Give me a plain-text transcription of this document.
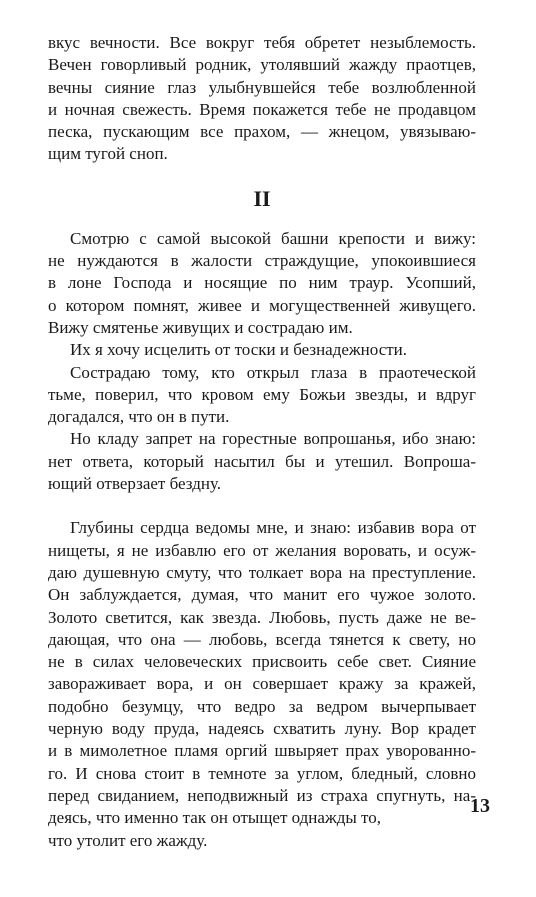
вкус вечности. Все вокруг тебя обретет незыблемость.
Вечен говорливый родник, утолявший жажду праотцев,
вечны сияние глаз улыбнувшейся тебе возлюбленной
и ночная свежесть. Время покажется тебе не продавцом
песка, пускающим все прахом, — жнецом, увязываю-
щим тугой сноп.
II
Смотрю с самой высокой башни крепости и вижу:
не нуждаются в жалости страждущие, упокоившиеся
в лоне Господа и носящие по ним траур. Усопший,
о котором помнят, живее и могущественней живущего.
Вижу смятенье живущих и сострадаю им.
Их я хочу исцелить от тоски и безнадежности.
Сострадаю тому, кто открыл глаза в праотеческой
тьме, поверил, что кровом ему Божьи звезды, и вдруг
догадался, что он в пути.
Но кладу запрет на горестные вопрошанья, ибо знаю:
нет ответа, который насытил бы и утешил. Вопроша-
ющий отверзает бездну.
Глубины сердца ведомы мне, и знаю: избавив вора от
нищеты, я не избавлю его от желания воровать, и осуж-
даю душевную смуту, что толкает вора на преступление.
Он заблуждается, думая, что манит его чужое золото.
Золото светится, как звезда. Любовь, пусть даже не ве-
дающая, что она — любовь, всегда тянется к свету, но
не в силах человеческих присвоить себе свет. Сияние
завораживает вора, и он совершает кражу за кражей,
подобно безумцу, что ведро за ведром вычерпывает
черную воду пруда, надеясь схватить луну. Вор крадет
и в мимолетное пламя оргий швыряет прах уворованно-
го. И снова стоит в темноте за углом, бледный, словно
перед свиданием, неподвижный из страха спугнуть, на-
деясь, что именно так он отыщет однажды то,
что утолит его жажду.
13
